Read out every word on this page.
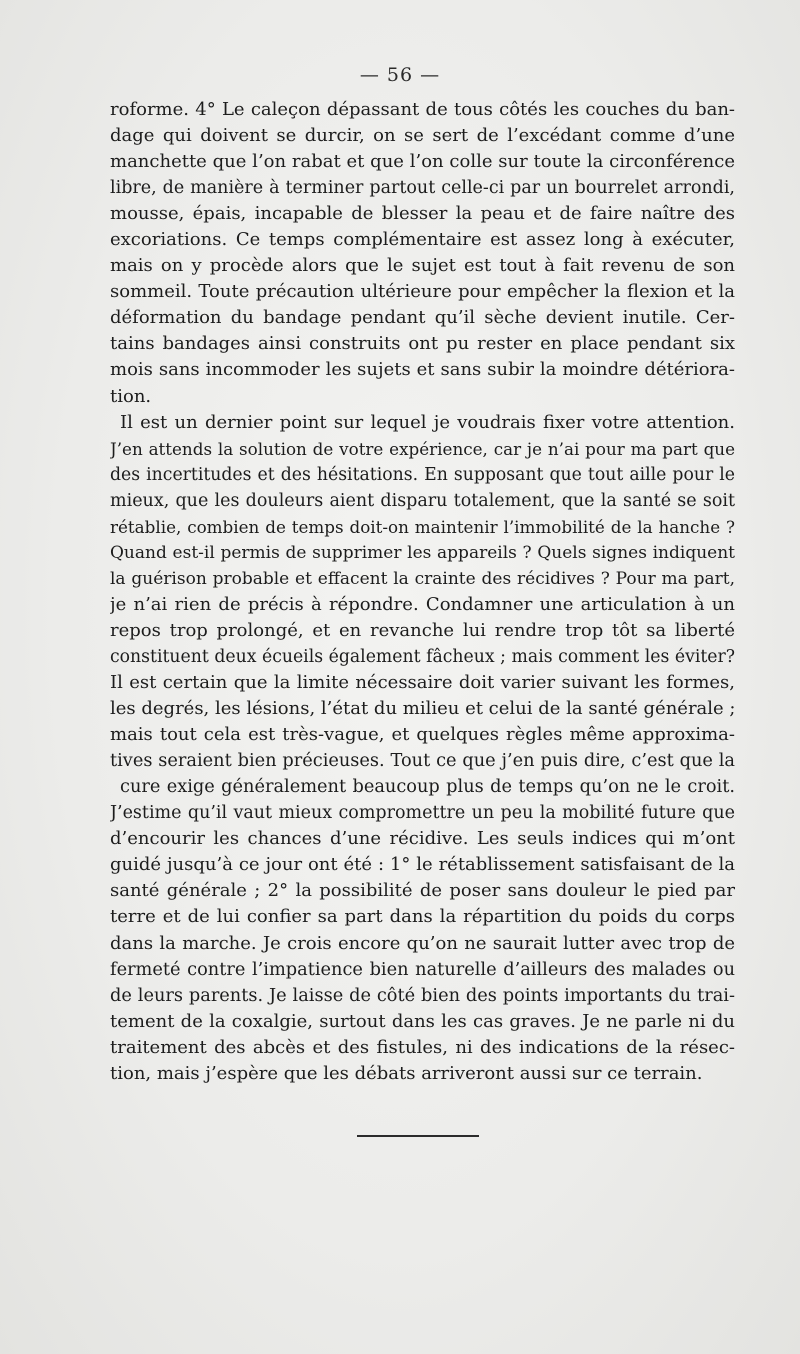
— 56 —
roforme. 4° Le caleçon dépassant de tous côtés les couches du ban-
dage qui doivent se durcir, on se sert de l’excédant comme d’une
manchette que l’on rabat et que l’on colle sur toute la circonférence
libre, de manière à terminer partout celle-ci par un bourrelet arrondi,
mousse, épais, incapable de blesser la peau et de faire naître des
excoriations. Ce temps complémentaire est assez long à exécuter,
mais on y procède alors que le sujet est tout à fait revenu de son
sommeil. Toute précaution ultérieure pour empêcher la flexion et la
déformation du bandage pendant qu’il sèche devient inutile. Cer-
tains bandages ainsi construits ont pu rester en place pendant six
mois sans incommoder les sujets et sans subir la moindre détériora-
tion.
Il est un dernier point sur lequel je voudrais fixer votre attention.
J’en attends la solution de votre expérience, car je n’ai pour ma part que
des incertitudes et des hésitations. En supposant que tout aille pour le
mieux, que les douleurs aient disparu totalement, que la santé se soit
rétablie, combien de temps doit-on maintenir l’immobilité de la hanche ?
Quand est-il permis de supprimer les appareils ? Quels signes indiquent
la guérison probable et effacent la crainte des récidives ? Pour ma part,
je n’ai rien de précis à répondre. Condamner une articulation à un
repos trop prolongé, et en revanche lui rendre trop tôt sa liberté
constituent deux écueils également fâcheux ; mais comment les éviter?
Il est certain que la limite nécessaire doit varier suivant les formes,
les degrés, les lésions, l’état du milieu et celui de la santé générale ;
mais tout cela est très-vague, et quelques règles même approxima-
tives seraient bien précieuses. Tout ce que j’en puis dire, c’est que la
cure exige généralement beaucoup plus de temps qu’on ne le croit.
J’estime qu’il vaut mieux compromettre un peu la mobilité future que
d’encourir les chances d’une récidive. Les seuls indices qui m’ont
guidé jusqu’à ce jour ont été : 1° le rétablissement satisfaisant de la
santé générale ; 2° la possibilité de poser sans douleur le pied par
terre et de lui confier sa part dans la répartition du poids du corps
dans la marche. Je crois encore qu’on ne saurait lutter avec trop de
fermeté contre l’impatience bien naturelle d’ailleurs des malades ou
de leurs parents. Je laisse de côté bien des points importants du trai-
tement de la coxalgie, surtout dans les cas graves. Je ne parle ni du
traitement des abcès et des fistules, ni des indications de la résec-
tion, mais j’espère que les débats arriveront aussi sur ce terrain.
